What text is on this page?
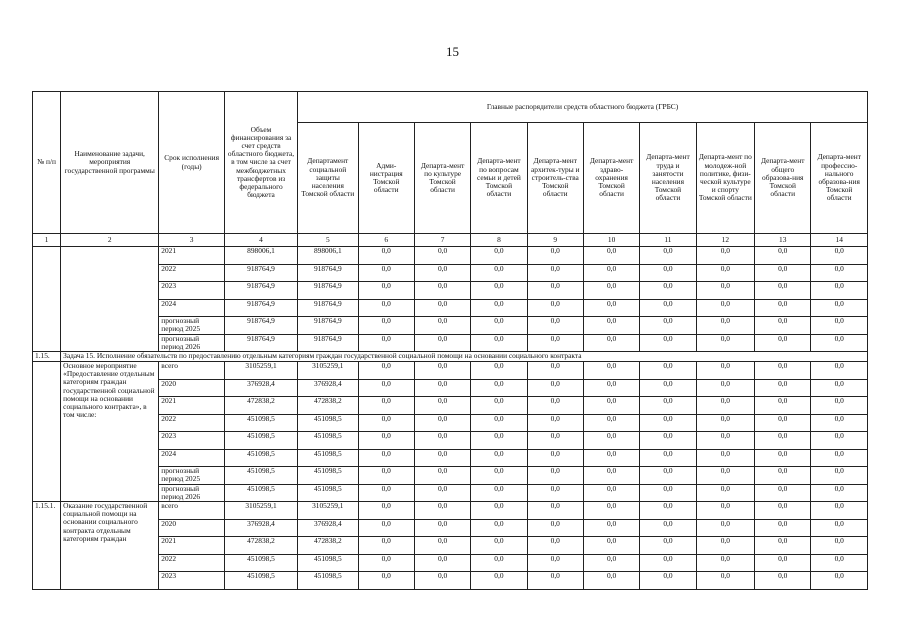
15
№ п/п	Наименование задачи, мероприятия государственной программы	Срок исполнения (годы)	Объем финансирования за счет средств областного бюджета, в том числе за счет межбюджетных трансфертов из федерального бюджета	Главные распорядители средств областного бюджета (ГРБС)									
				Департамент социальной защиты населения Томской области	Адми-нистрация Томской области	Департа-мент по культуре Томской области	Департа-мент по вопросам семьи и детей Томской области	Департа-мент архитек-туры и строитель-ства Томской области	Департа-мент здраво-охранения Томской области	Департа-мент труда и занятости населения Томской области	Департа-мент по молодеж-ной политике, физи-ческой культуре и спорту Томской области	Департа-мент общего образова-ния Томской области	Департа-мент профессио-нального образова-ния Томской области
1	2	3	4	5	6	7	8	9	10	11	12	13	14
		2021	898006,1	898006,1	0,0	0,0	0,0	0,0	0,0	0,0	0,0	0,0	0,0
		2022	918764,9	918764,9	0,0	0,0	0,0	0,0	0,0	0,0	0,0	0,0	0,0
		2023	918764,9	918764,9	0,0	0,0	0,0	0,0	0,0	0,0	0,0	0,0	0,0
		2024	918764,9	918764,9	0,0	0,0	0,0	0,0	0,0	0,0	0,0	0,0	0,0
		прогнозный период 2025	918764,9	918764,9	0,0	0,0	0,0	0,0	0,0	0,0	0,0	0,0	0,0
		прогнозный период 2026	918764,9	918764,9	0,0	0,0	0,0	0,0	0,0	0,0	0,0	0,0	0,0
1.15.	Задача 15. Исполнение обязательств по предоставлению отдельным категориям граждан государственной социальной помощи на основании социального контракта												
	Основное мероприятие «Предоставление отдельным категориям граждан государственной социальной помощи на основании социального контракта», в том числе:	всего	3105259,1	3105259,1	0,0	0,0	0,0	0,0	0,0	0,0	0,0	0,0	0,0
		2020	376928,4	376928,4	0,0	0,0	0,0	0,0	0,0	0,0	0,0	0,0	0,0
		2021	472838,2	472838,2	0,0	0,0	0,0	0,0	0,0	0,0	0,0	0,0	0,0
		2022	451098,5	451098,5	0,0	0,0	0,0	0,0	0,0	0,0	0,0	0,0	0,0
		2023	451098,5	451098,5	0,0	0,0	0,0	0,0	0,0	0,0	0,0	0,0	0,0
		2024	451098,5	451098,5	0,0	0,0	0,0	0,0	0,0	0,0	0,0	0,0	0,0
		прогнозный период 2025	451098,5	451098,5	0,0	0,0	0,0	0,0	0,0	0,0	0,0	0,0	0,0
		прогнозный период 2026	451098,5	451098,5	0,0	0,0	0,0	0,0	0,0	0,0	0,0	0,0	0,0
1.15.1.	Оказание государственной социальной помощи на основании социального контракта отдельным категориям граждан	всего	3105259,1	3105259,1	0,0	0,0	0,0	0,0	0,0	0,0	0,0	0,0	0,0
		2020	376928,4	376928,4	0,0	0,0	0,0	0,0	0,0	0,0	0,0	0,0	0,0
		2021	472838,2	472838,2	0,0	0,0	0,0	0,0	0,0	0,0	0,0	0,0	0,0
		2022	451098,5	451098,5	0,0	0,0	0,0	0,0	0,0	0,0	0,0	0,0	0,0
		2023	451098,5	451098,5	0,0	0,0	0,0	0,0	0,0	0,0	0,0	0,0	0,0
